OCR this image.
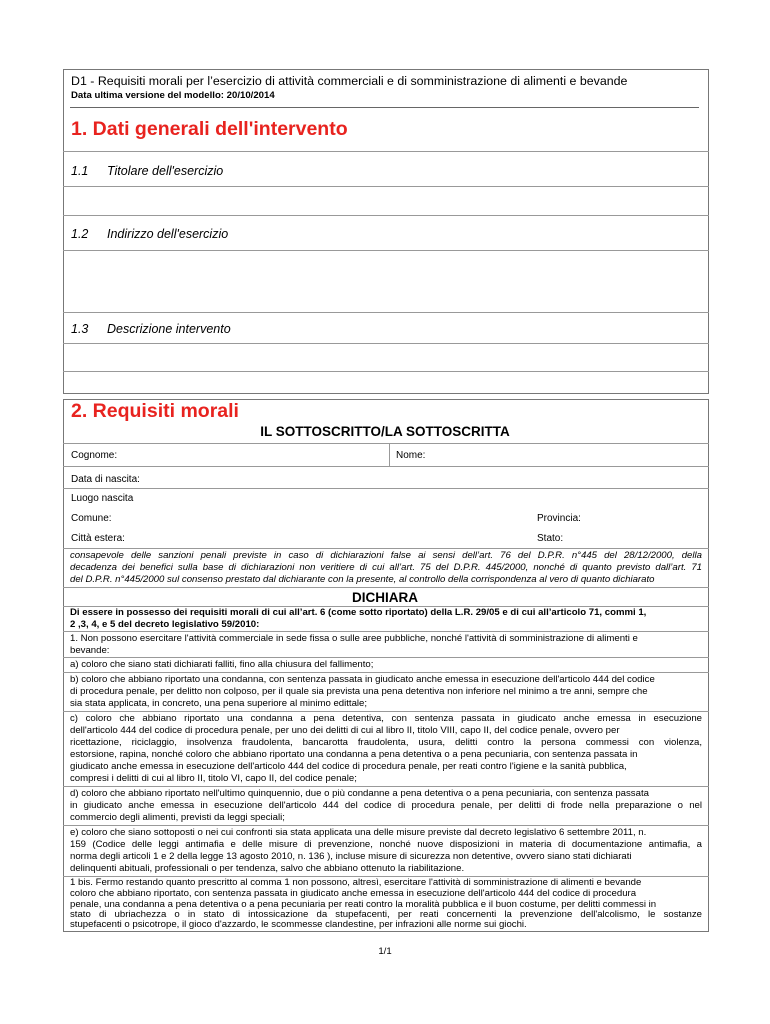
D1 - Requisiti morali per l’esercizio di attività commerciali e di somministrazione di alimenti e bevande
Data ultima versione del modello: 20/10/2014
1. Dati generali dell'intervento
1.1 Titolare dell'esercizio
1.2 Indirizzo dell'esercizio
1.3 Descrizione intervento
2. Requisiti morali
IL SOTTOSCRITTO/LA SOTTOSCRITTA
Cognome:	Nome:
Data di nascita:
Luogo nascita
Comune:	Provincia:
Città estera:	Stato:
consapevole delle sanzioni penali previste in caso di dichiarazioni false ai sensi dell’art. 76 del D.P.R. n°445 del 28/12/2000, della
decadenza dei benefici sulla base di dichiarazioni non veritiere di cui all’art. 75 del D.P.R. 445/2000, nonché di quanto previsto dall’art. 71
del D.P.R. n°445/2000 sul consenso prestato dal dichiarante con la presente, al controllo della corrispondenza al vero di quanto dichiarato
DICHIARA
Di essere in possesso dei requisiti morali di cui all’art. 6 (come sotto riportato) della L.R. 29/05 e di cui all’articolo 71, commi 1,
2 ,3, 4, e 5 del decreto legislativo 59/2010:
1. Non possono esercitare l'attività commerciale in sede fissa o sulle aree pubbliche, nonché l'attività di somministrazione di alimenti e
bevande:
a) coloro che siano stati dichiarati falliti, fino alla chiusura del fallimento;
b) coloro che abbiano riportato una condanna, con sentenza passata in giudicato anche emessa in esecuzione dell'articolo 444 del codice
di procedura penale, per delitto non colposo, per il quale sia prevista una pena detentiva non inferiore nel minimo a tre anni, sempre che
sia stata applicata, in concreto, una pena superiore al minimo edittale;
c) coloro che abbiano riportato una condanna a pena detentiva, con sentenza passata in giudicato anche emessa in esecuzione
dell'articolo 444 del codice di procedura penale, per uno dei delitti di cui al libro II, titolo VIII, capo II, del codice penale, ovvero per
ricettazione, riciclaggio, insolvenza fraudolenta, bancarotta fraudolenta, usura, delitti contro la persona commessi con violenza,
estorsione, rapina, nonché coloro che abbiano riportato una condanna a pena detentiva o a pena pecuniaria, con sentenza passata in
giudicato anche emessa in esecuzione dell'articolo 444 del codice di procedura penale, per reati contro l'igiene e la sanità pubblica,
compresi i delitti di cui al libro II, titolo VI, capo II, del codice penale;
d) coloro che abbiano riportato nell'ultimo quinquennio, due o più condanne a pena detentiva o a pena pecuniaria, con sentenza passata
in giudicato anche emessa in esecuzione dell'articolo 444 del codice di procedura penale, per delitti di frode nella preparazione o nel
commercio degli alimenti, previsti da leggi speciali;
e) coloro che siano sottoposti o nei cui confronti sia stata applicata una delle misure previste dal decreto legislativo 6 settembre 2011, n.
159 (Codice delle leggi antimafia e delle misure di prevenzione, nonché nuove disposizioni in materia di documentazione antimafia, a
norma degli articoli 1 e 2 della legge 13 agosto 2010, n. 136 ), incluse misure di sicurezza non detentive, ovvero siano stati dichiarati
delinquenti abituali, professionali o per tendenza, salvo che abbiano ottenuto la riabilitazione.
1 bis. Fermo restando quanto prescritto al comma 1 non possono, altresì, esercitare l'attività di somministrazione di alimenti e bevande
coloro che abbiano riportato, con sentenza passata in giudicato anche emessa in esecuzione dell'articolo 444 del codice di procedura
penale, una condanna a pena detentiva o a pena pecuniaria per reati contro la moralità pubblica e il buon costume, per delitti commessi in
stato di ubriachezza o in stato di intossicazione da stupefacenti, per reati concernenti la prevenzione dell'alcolismo, le sostanze
stupefacenti o psicotrope, il gioco d'azzardo, le scommesse clandestine, per infrazioni alle norme sui giochi.
1/1
